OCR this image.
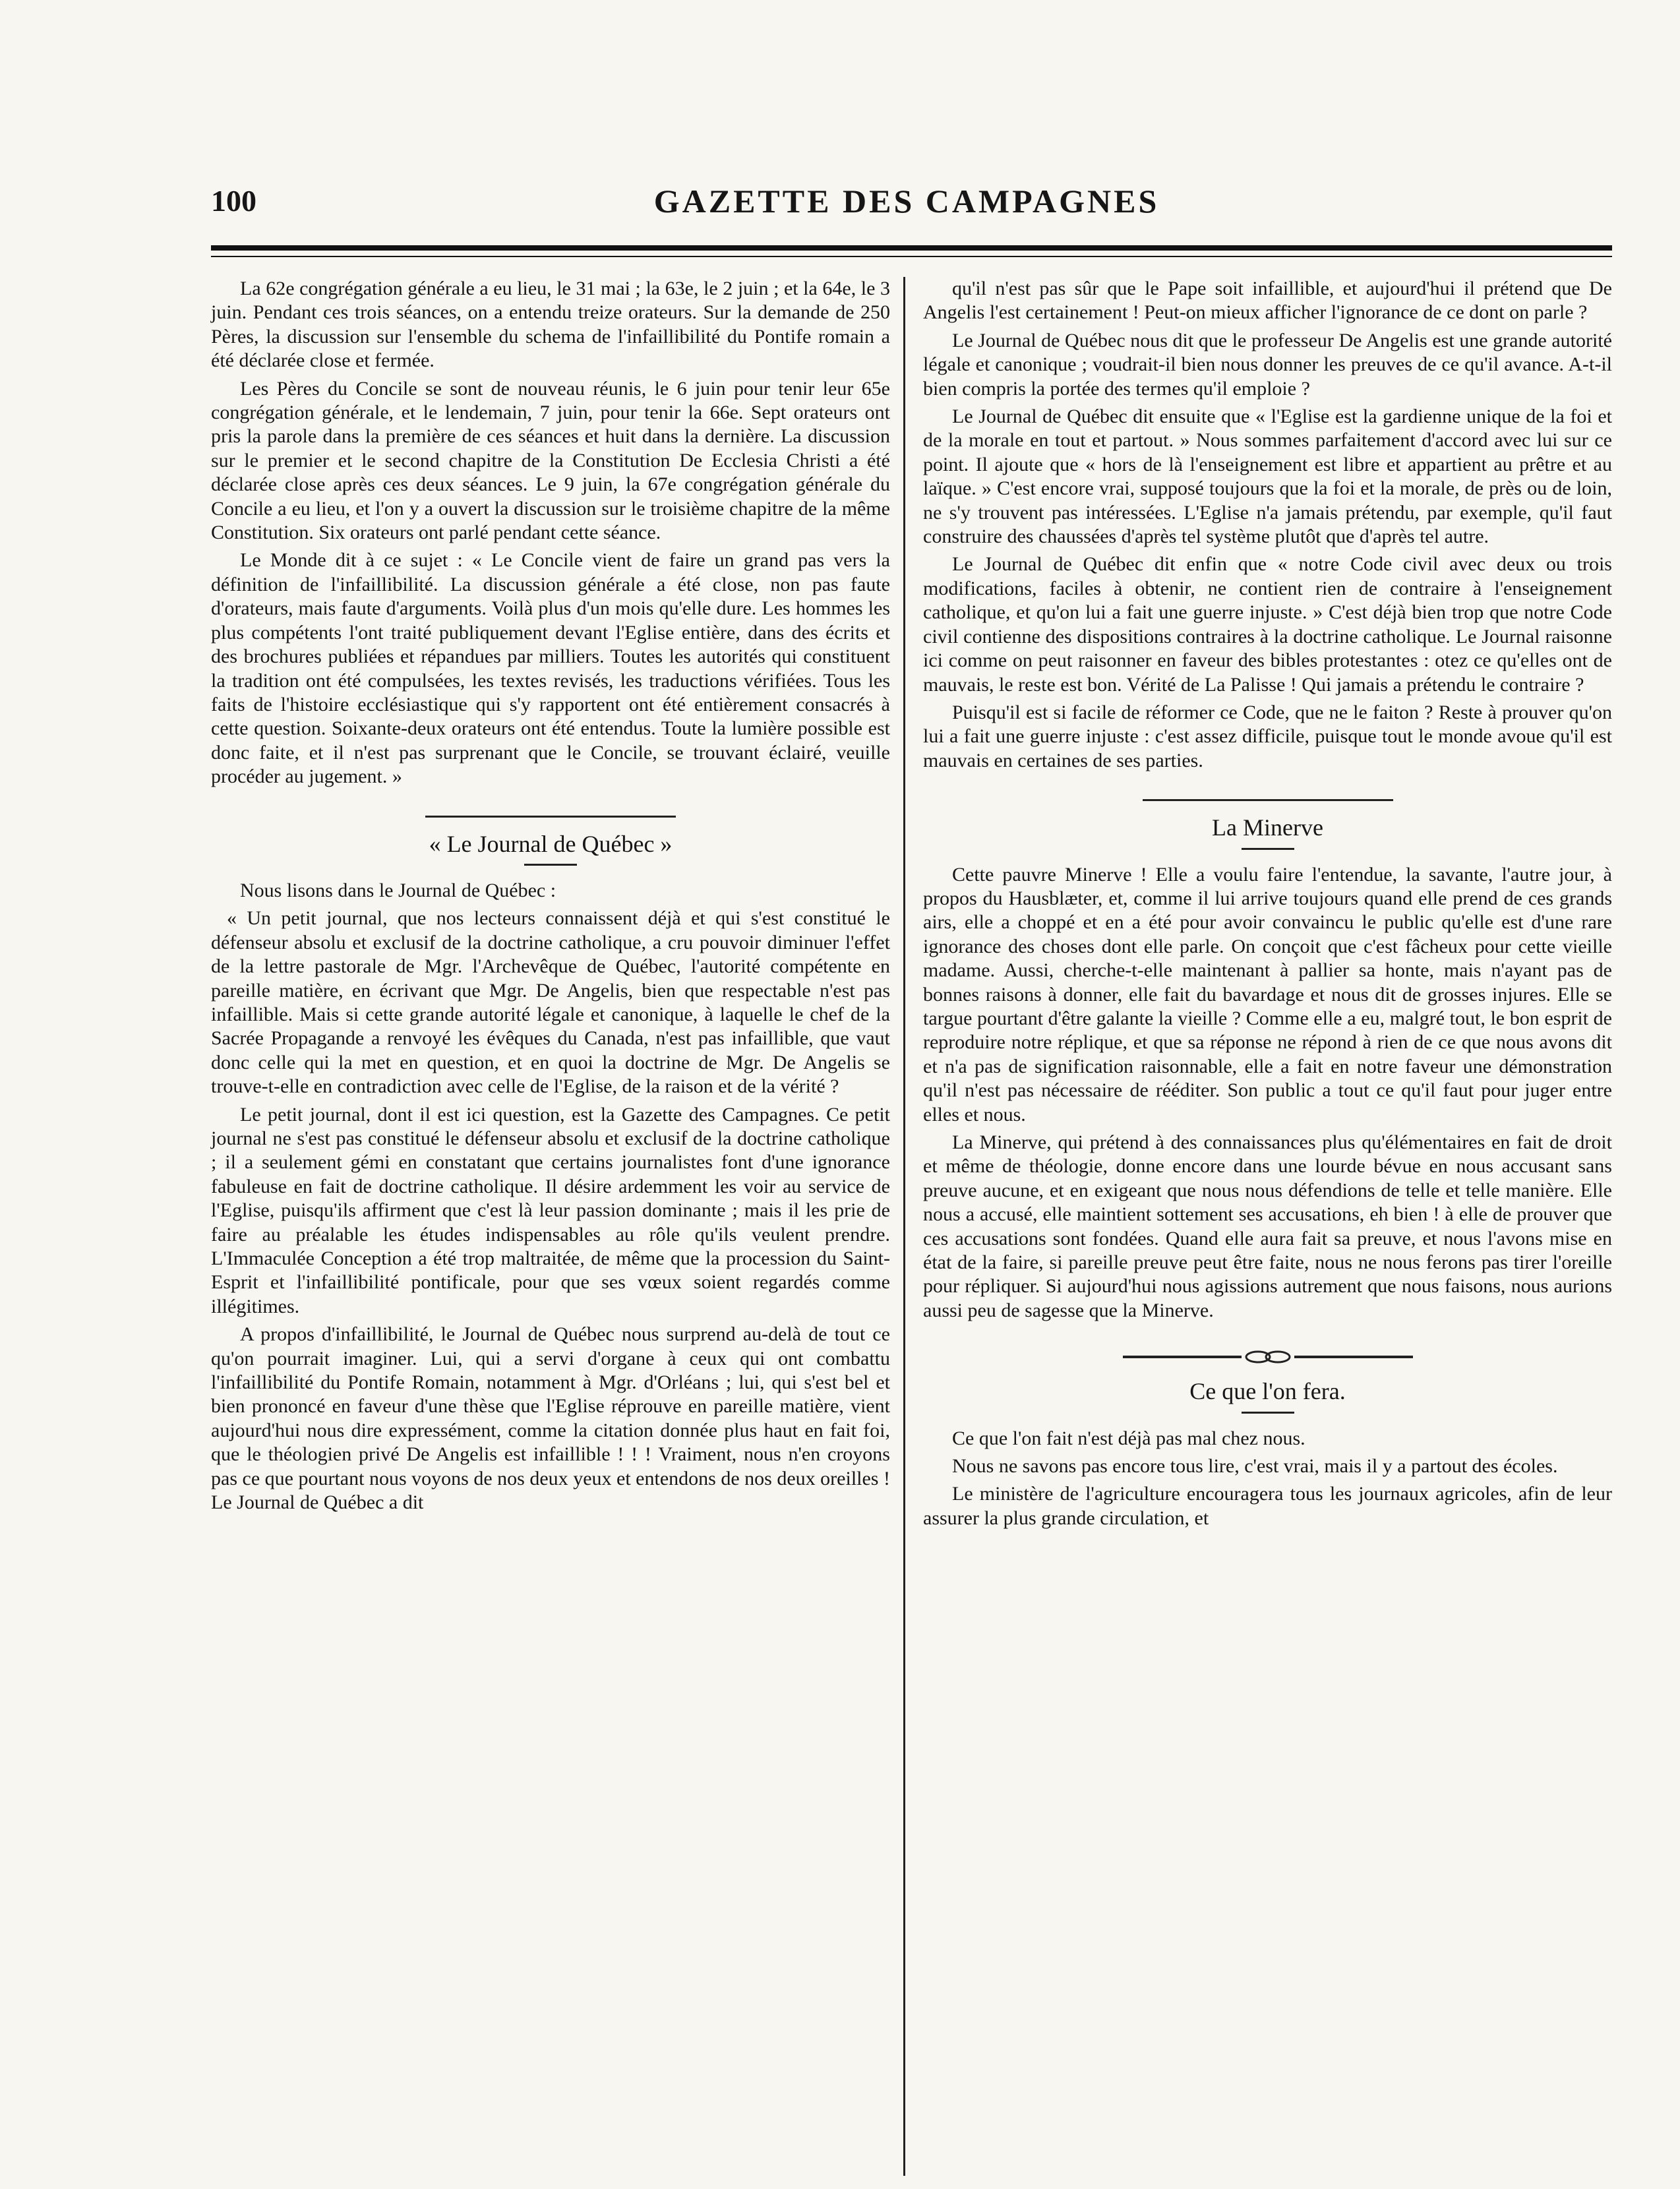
100	GAZETTE DES CAMPAGNES

La 62e congrégation générale a eu lieu, le 31 mai ; la 63e, le 2 juin ; et la 64e, le 3 juin. Pendant ces trois séances, on a entendu treize orateurs. Sur la demande de 250 Pères, la discussion sur l'ensemble du schema de l'infaillibilité du Pontife romain a été déclarée close et fermée.

Les Pères du Concile se sont de nouveau réunis, le 6 juin pour tenir leur 65e congrégation générale, et le lendemain, 7 juin, pour tenir la 66e. Sept orateurs ont pris la parole dans la première de ces séances et huit dans la dernière. La discussion sur le premier et le second chapitre de la Constitution De Ecclesia Christi a été déclarée close après ces deux séances. Le 9 juin, la 67e congrégation générale du Concile a eu lieu, et l'on y a ouvert la discussion sur le troisième chapitre de la même Constitution. Six orateurs ont parlé pendant cette séance.

Le Monde dit à ce sujet : « Le Concile vient de faire un grand pas vers la définition de l'infaillibilité. La discussion générale a été close, non pas faute d'orateurs, mais faute d'arguments. Voilà plus d'un mois qu'elle dure. Les hommes les plus compétents l'ont traité publiquement devant l'Eglise entière, dans des écrits et des brochures publiées et répandues par milliers. Toutes les autorités qui constituent la tradition ont été compulsées, les textes revisés, les traductions vérifiées. Tous les faits de l'histoire ecclésiastique qui s'y rapportent ont été entièrement consacrés à cette question. Soixante-deux orateurs ont été entendus. Toute la lumière possible est donc faite, et il n'est pas surprenant que le Concile, se trouvant éclairé, veuille procéder au jugement. »

« Le Journal de Québec »

Nous lisons dans le Journal de Québec :

« Un petit journal, que nos lecteurs connaissent déjà et qui s'est constitué le défenseur absolu et exclusif de la doctrine catholique, a cru pouvoir diminuer l'effet de la lettre pastorale de Mgr. l'Archevêque de Québec, l'autorité compétente en pareille matière, en écrivant que Mgr. De Angelis, bien que respectable n'est pas infaillible. Mais si cette grande autorité légale et canonique, à laquelle le chef de la Sacrée Propagande a renvoyé les évêques du Canada, n'est pas infaillible, que vaut donc celle qui la met en question, et en quoi la doctrine de Mgr. De Angelis se trouve-t-elle en contradiction avec celle de l'Eglise, de la raison et de la vérité ?

Le petit journal, dont il est ici question, est la Gazette des Campagnes. Ce petit journal ne s'est pas constitué le défenseur absolu et exclusif de la doctrine catholique ; il a seulement gémi en constatant que certains journalistes font d'une ignorance fabuleuse en fait de doctrine catholique. Il désire ardemment les voir au service de l'Eglise, puisqu'ils affirment que c'est là leur passion dominante ; mais il les prie de faire au préalable les études indispensables au rôle qu'ils veulent prendre. L'Immaculée Conception a été trop maltraitée, de même que la procession du Saint-Esprit et l'infaillibilité pontificale, pour que ses vœux soient regardés comme illégitimes.

A propos d'infaillibilité, le Journal de Québec nous surprend au-delà de tout ce qu'on pourrait imaginer. Lui, qui a servi d'organe à ceux qui ont combattu l'infaillibilité du Pontife Romain, notamment à Mgr. d'Orléans ; lui, qui s'est bel et bien prononcé en faveur d'une thèse que l'Eglise réprouve en pareille matière, vient aujourd'hui nous dire expressément, comme la citation donnée plus haut en fait foi, que le théologien privé De Angelis est infaillible ! ! ! Vraiment, nous n'en croyons pas ce que pourtant nous voyons de nos deux yeux et entendons de nos deux oreilles ! Le Journal de Québec a dit

qu'il n'est pas sûr que le Pape soit infaillible, et aujourd'hui il prétend que De Angelis l'est certainement ! Peut-on mieux afficher l'ignorance de ce dont on parle ?

Le Journal de Québec nous dit que le professeur De Angelis est une grande autorité légale et canonique ; voudrait-il bien nous donner les preuves de ce qu'il avance. A-t-il bien compris la portée des termes qu'il emploie ?

Le Journal de Québec dit ensuite que « l'Eglise est la gardienne unique de la foi et de la morale en tout et partout. » Nous sommes parfaitement d'accord avec lui sur ce point. Il ajoute que « hors de là l'enseignement est libre et appartient au prêtre et au laïque. » C'est encore vrai, supposé toujours que la foi et la morale, de près ou de loin, ne s'y trouvent pas intéressées. L'Eglise n'a jamais prétendu, par exemple, qu'il faut construire des chaussées d'après tel système plutôt que d'après tel autre.

Le Journal de Québec dit enfin que « notre Code civil avec deux ou trois modifications, faciles à obtenir, ne contient rien de contraire à l'enseignement catholique, et qu'on lui a fait une guerre injuste. » C'est déjà bien trop que notre Code civil contienne des dispositions contraires à la doctrine catholique. Le Journal raisonne ici comme on peut raisonner en faveur des bibles protestantes : otez ce qu'elles ont de mauvais, le reste est bon. Vérité de La Palisse ! Qui jamais a prétendu le contraire ?

Puisqu'il est si facile de réformer ce Code, que ne le faiton ? Reste à prouver qu'on lui a fait une guerre injuste : c'est assez difficile, puisque tout le monde avoue qu'il est mauvais en certaines de ses parties.

La Minerve

Cette pauvre Minerve ! Elle a voulu faire l'entendue, la savante, l'autre jour, à propos du Hausblæter, et, comme il lui arrive toujours quand elle prend de ces grands airs, elle a choppé et en a été pour avoir convaincu le public qu'elle est d'une rare ignorance des choses dont elle parle. On conçoit que c'est fâcheux pour cette vieille madame. Aussi, cherche-t-elle maintenant à pallier sa honte, mais n'ayant pas de bonnes raisons à donner, elle fait du bavardage et nous dit de grosses injures. Elle se targue pourtant d'être galante la vieille ? Comme elle a eu, malgré tout, le bon esprit de reproduire notre réplique, et que sa réponse ne répond à rien de ce que nous avons dit et n'a pas de signification raisonnable, elle a fait en notre faveur une démonstration qu'il n'est pas nécessaire de rééditer. Son public a tout ce qu'il faut pour juger entre elles et nous.

La Minerve, qui prétend à des connaissances plus qu'élémentaires en fait de droit et même de théologie, donne encore dans une lourde bévue en nous accusant sans preuve aucune, et en exigeant que nous nous défendions de telle et telle manière. Elle nous a accusé, elle maintient sottement ses accusations, eh bien ! à elle de prouver que ces accusations sont fondées. Quand elle aura fait sa preuve, et nous l'avons mise en état de la faire, si pareille preuve peut être faite, nous ne nous ferons pas tirer l'oreille pour répliquer. Si aujourd'hui nous agissions autrement que nous faisons, nous aurions aussi peu de sagesse que la Minerve.

Ce que l'on fera.

Ce que l'on fait n'est déjà pas mal chez nous.

Nous ne savons pas encore tous lire, c'est vrai, mais il y a partout des écoles.

Le ministère de l'agriculture encouragera tous les journaux agricoles, afin de leur assurer la plus grande circulation, et
